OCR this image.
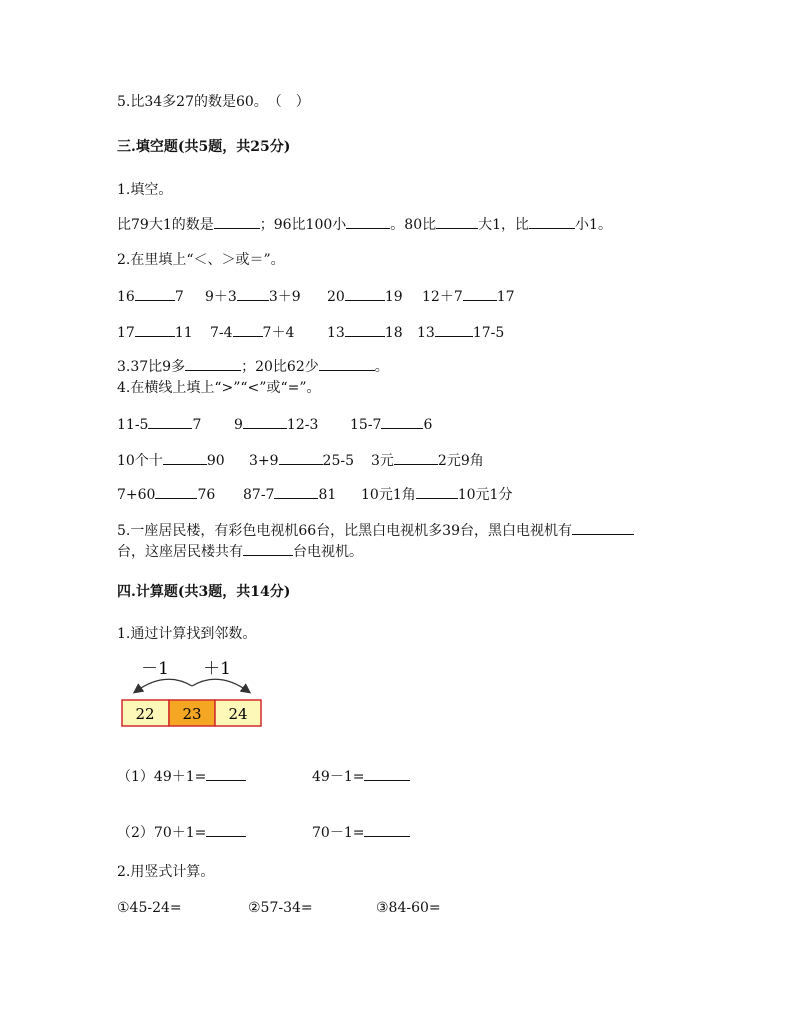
5.比34多27的数是60。　（　）
三.填空题(共5题，共25分)
1.填空。
比79大1的数是	；96比100小	。80比	大1，比	小1。
2.在里填上“＜、＞或＝”。
16	7 9＋3 3＋9 20	19 12＋7 17
17	11 7-4 7＋4 13	18 13	17-5
3.37比9多	；20比62少	。
4.在横线上填上“>”“<”或“=”。
11-5	7 9	12-3 15-7	6
10个十	90 3+9	25-5 3元	2元9角
7+60	76 87-7	81 10元1角	10元1分
5.一座居民楼，有彩色电视机66台，比黑白电视机多39台，黑白电视机有
台，这座居民楼共有	台电视机。
四.计算题(共3题，共14分)
1.通过计算找到邻数。
－1 ＋1
22 23 24
（1）49＋1=	49－1=
（2）70＋1=	70－1=
2.用竖式计算。
①45-24=	②57-34=	③84-60=
